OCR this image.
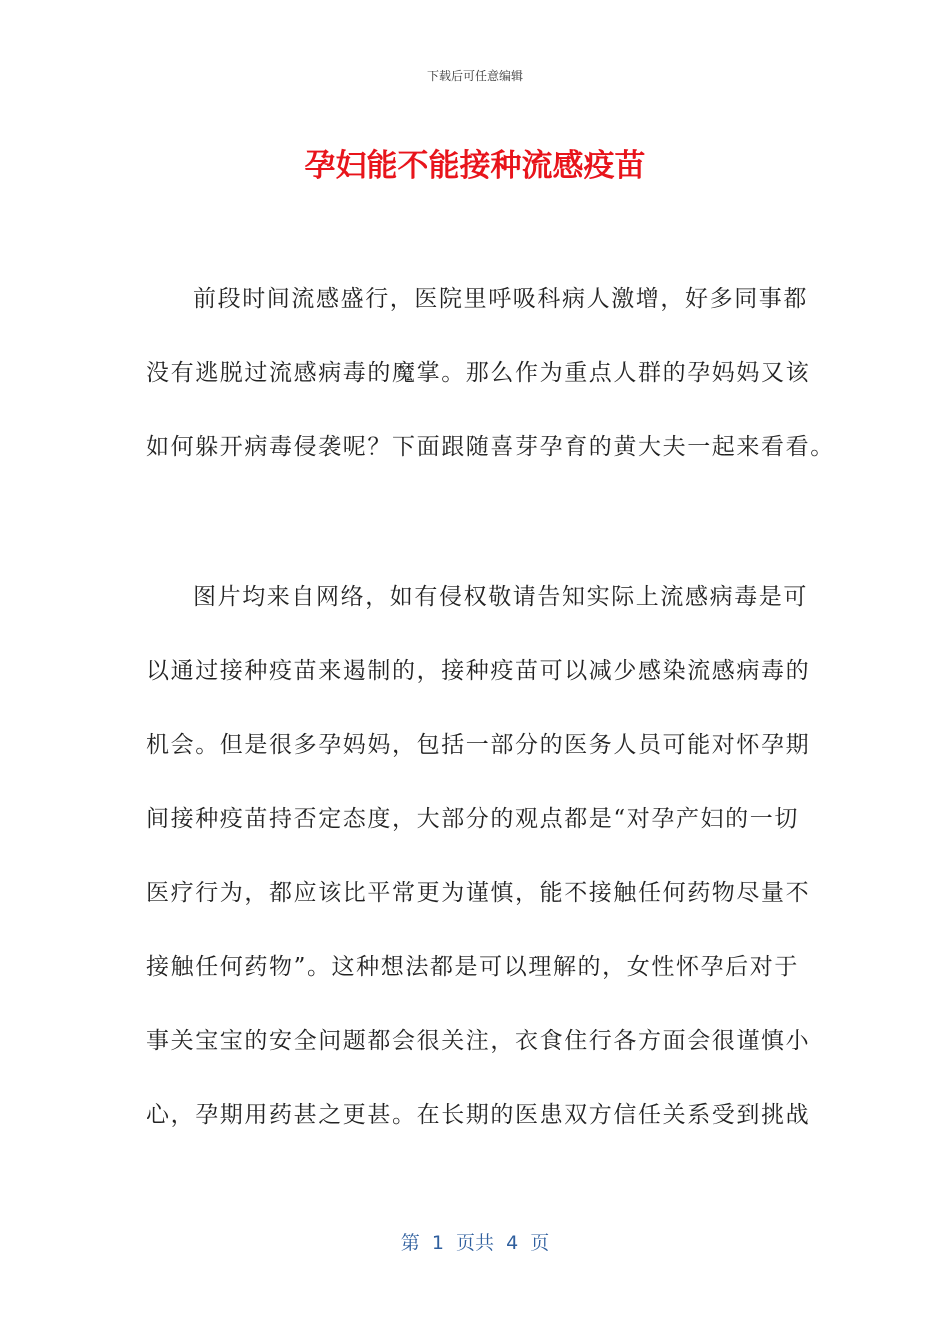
下载后可任意编辑
孕妇能不能接种流感疫苗
前段时间流感盛行，医院里呼吸科病人激增，好多同事都
没有逃脱过流感病毒的魔掌。那么作为重点人群的孕妈妈又该
如何躲开病毒侵袭呢？下面跟随喜芽孕育的黄大夫一起来看看。
图片均来自网络，如有侵权敬请告知实际上流感病毒是可
以通过接种疫苗来遏制的，接种疫苗可以减少感染流感病毒的
机会。但是很多孕妈妈，包括一部分的医务人员可能对怀孕期
间接种疫苗持否定态度，大部分的观点都是“对孕产妇的一切
医疗行为，都应该比平常更为谨慎，能不接触任何药物尽量不
接触任何药物”。这种想法都是可以理解的，女性怀孕后对于
事关宝宝的安全问题都会很关注，衣食住行各方面会很谨慎小
心，孕期用药甚之更甚。在长期的医患双方信任关系受到挑战
第  1  页共  4  页
